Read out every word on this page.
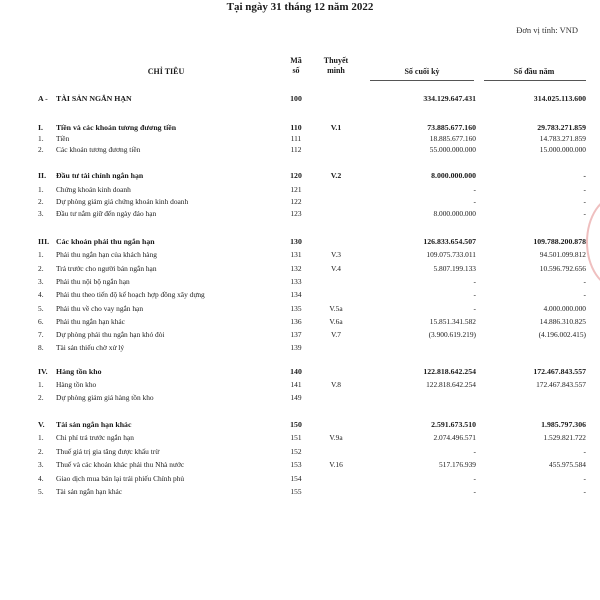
Tại ngày 31 tháng 12 năm 2022
Đơn vị tính: VND
CHỈ TIÊU
Mã
số
Thuyết
minh	Số cuối kỳ	Số đầu năm
A -	TÀI SẢN NGẮN HẠN	100	334.129.647.431	314.025.113.600
I.	Tiền và các khoản tương đương tiền	110	V.1	73.885.677.160	29.783.271.859
1.	Tiền	111	18.885.677.160	14.783.271.859
2.	Các khoản tương đương tiền	112	55.000.000.000	15.000.000.000
II.	Đầu tư tài chính ngắn hạn	120	V.2	8.000.000.000	-
1.	Chứng khoán kinh doanh	121	-	-
2.	Dự phòng giảm giá chứng khoán kinh doanh	122	-	-
3.	Đầu tư nắm giữ đến ngày đáo hạn	123	8.000.000.000	-
III. Các khoản phải thu ngắn hạn	130	126.833.654.507	109.788.200.878
1.	Phải thu ngắn hạn của khách hàng	131	V.3	109.075.733.011	94.501.099.812
2.	Trả trước cho người bán ngắn hạn	132	V.4	5.807.199.133	10.596.792.656
3.	Phải thu nội bộ ngắn hạn	133	-	-
4.	Phải thu theo tiến độ kế hoạch hợp đồng xây dựng	134	-	-
5.	Phải thu về cho vay ngắn hạn	135	V.5a	-	4.000.000.000
6.	Phải thu ngắn hạn khác	136	V.6a	15.851.341.582	14.886.310.825
7.	Dự phòng phải thu ngắn hạn khó đòi	137	V.7	(3.900.619.219)	(4.196.002.415)
8.	Tài sản thiếu chờ xử lý	139
IV.	Hàng tồn kho	140	122.818.642.254	172.467.843.557
1.	Hàng tồn kho	141	V.8	122.818.642.254	172.467.843.557
2.	Dự phòng giảm giá hàng tồn kho	149
V.	Tài sản ngắn hạn khác	150	2.591.673.510	1.985.797.306
1.	Chi phí trả trước ngắn hạn	151	V.9a	2.074.496.571	1.529.821.722
2.	Thuế giá trị gia tăng được khấu trừ	152	-	-
3.	Thuế và các khoản khác phải thu Nhà nước	153	V.16	517.176.939	455.975.584
4.	Giao dịch mua bán lại trái phiếu Chính phủ	154	-	-
5.	Tài sản ngắn hạn khác	155	-	-
